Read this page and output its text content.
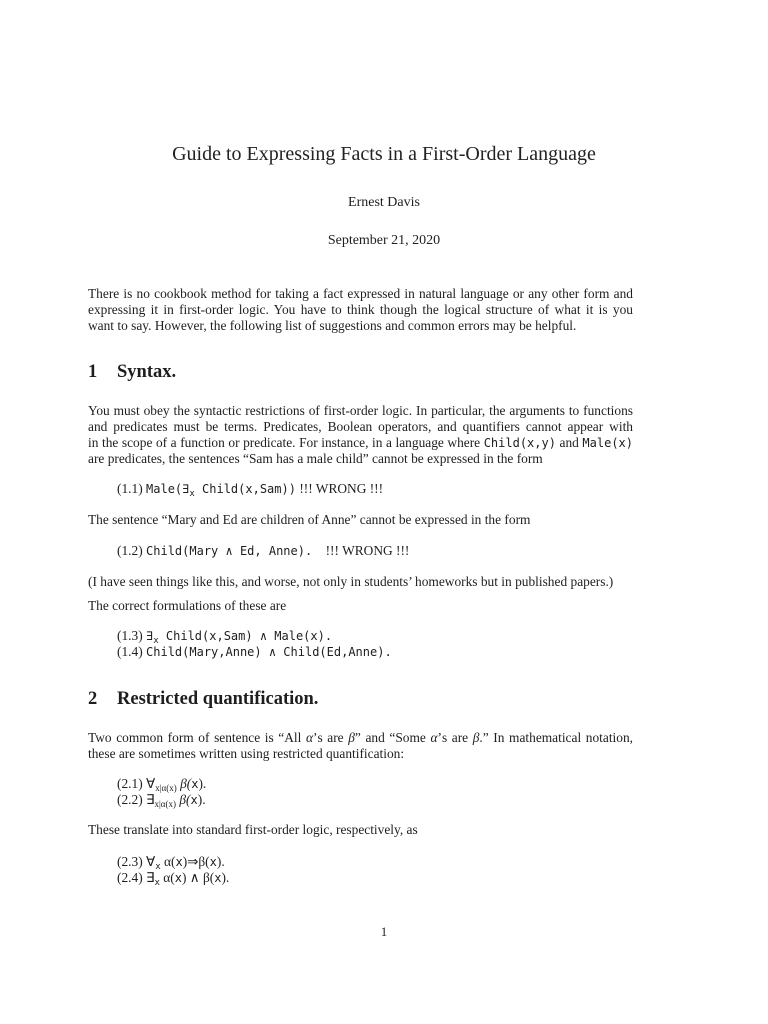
Guide to Expressing Facts in a First-Order Language
Ernest Davis
September 21, 2020
There is no cookbook method for taking a fact expressed in natural language or any other form and
expressing it in first-order logic. You have to think though the logical structure of what it is you
want to say. However, the following list of suggestions and common errors may be helpful.
1 Syntax.
You must obey the syntactic restrictions of first-order logic. In particular, the arguments to functions
and predicates must be terms. Predicates, Boolean operators, and quantifiers cannot appear with
in the scope of a function or predicate. For instance, in a language where Child(x,y) and Male(x)
are predicates, the sentences “Sam has a male child” cannot be expressed in the form
(1.1) $Male(\exists_x$ Child(x,Sam)) !!! WRONG !!!
The sentence “Mary and Ed are children of Anne” cannot be expressed in the form
(1.2) Child(Mary ∧ Ed, Anne). !!! WRONG !!!
(I have seen things like this, and worse, not only in students’ homeworks but in published papers.)
The correct formulations of these are
(1.3) $\exists_x$ Child(x,Sam) ∧ Male(x).
(1.4) Child(Mary,Anne) ∧ Child(Ed,Anne).
2 Restricted quantification.
Two common form of sentence is “All α’s are β” and “Some α’s are β.” In mathematical notation,
these are sometimes written using restricted quantification:
(2.1) $\forall_{x|\alpha(x)}$ β(x).
(2.2) $\exists_{x|\alpha(x)}$ β(x).
These translate into standard first-order logic, respectively, as
(2.3) $\forall_x$ α(x)⇒β(x).
(2.4) $\exists_x$ α(x) ∧ β(x).
1
